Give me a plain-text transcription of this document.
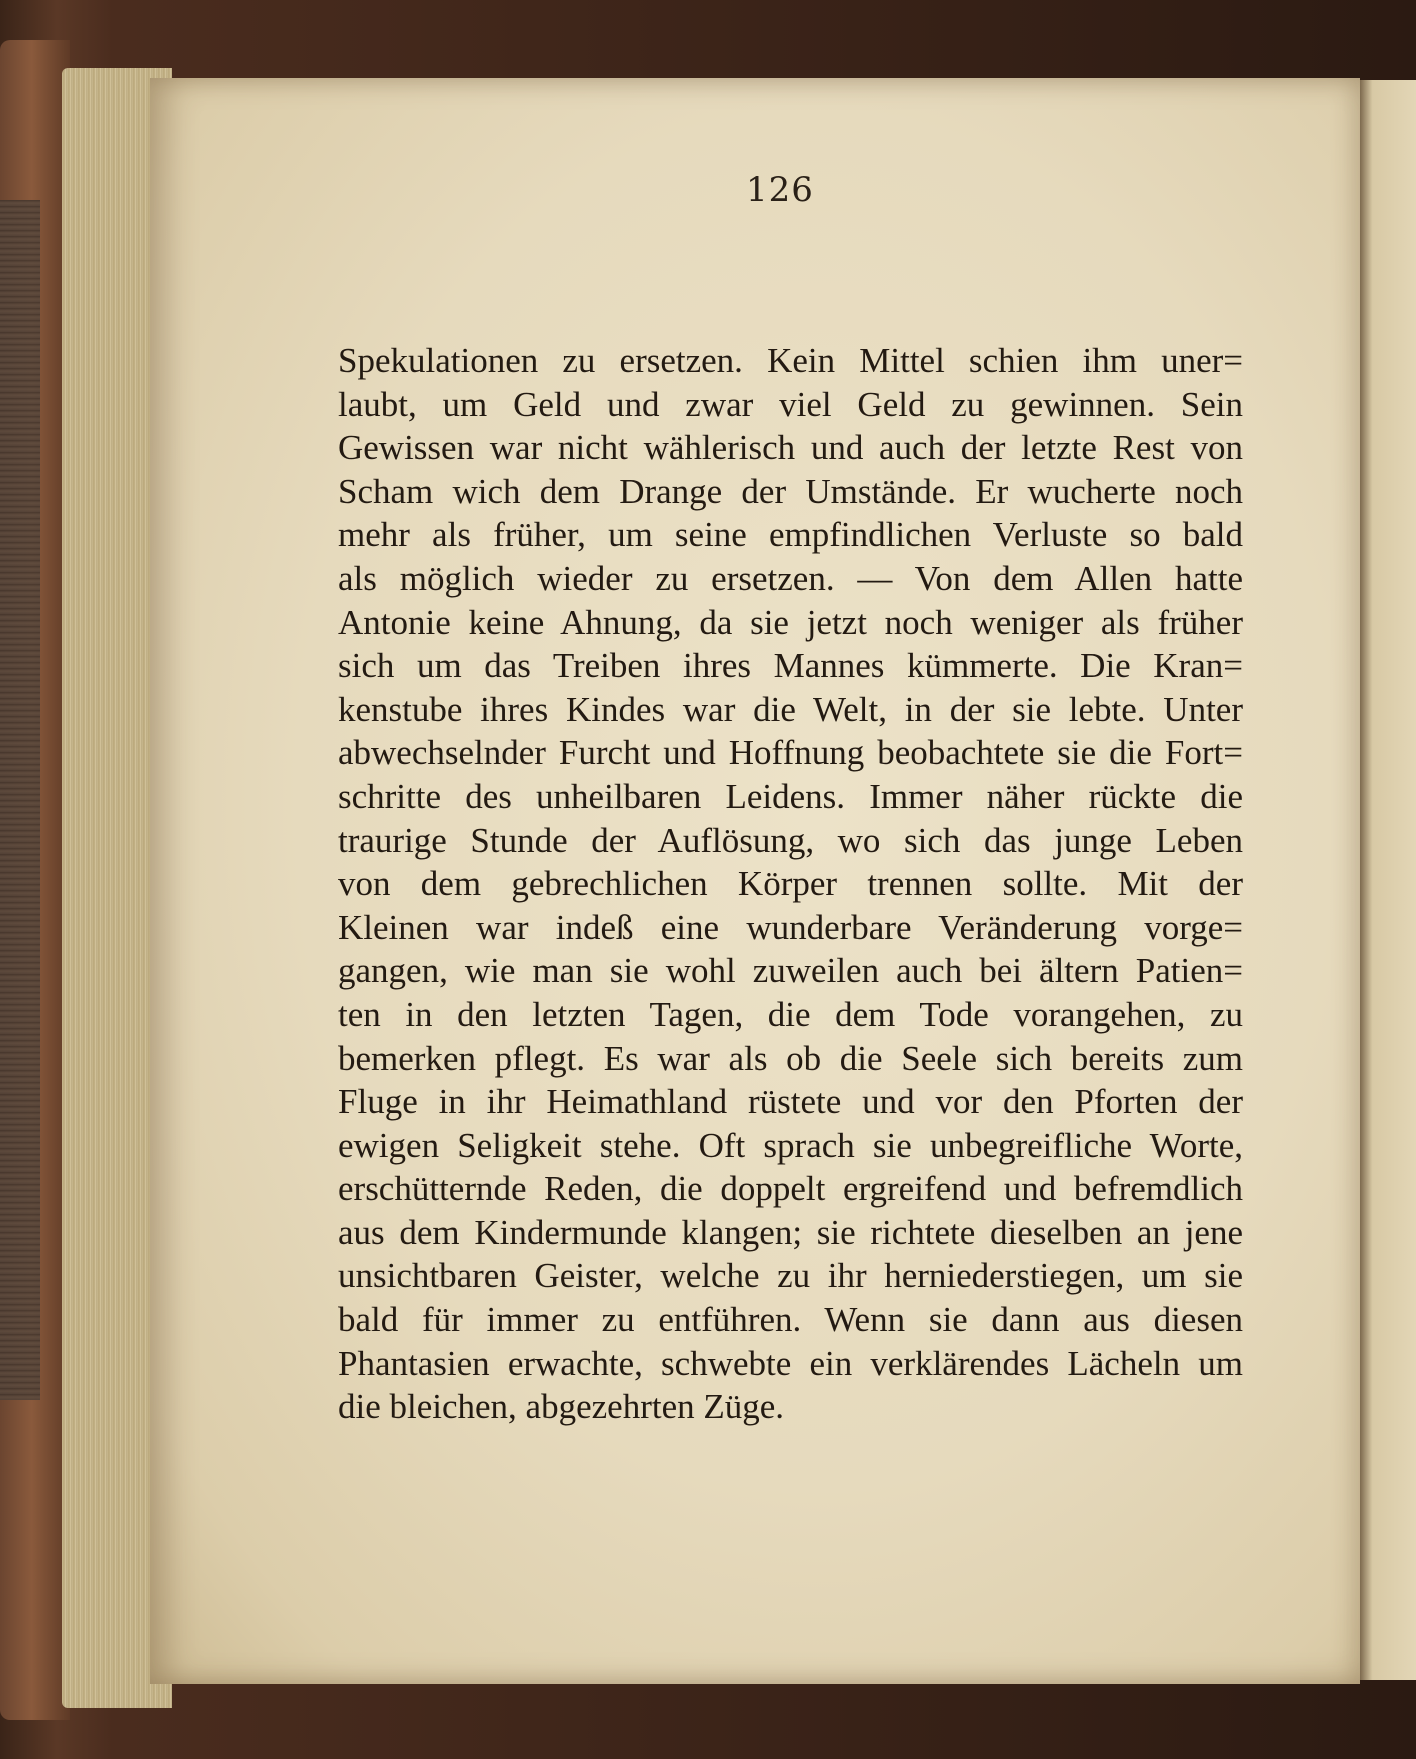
126

Spekulationen zu ersetzen. Kein Mittel schien ihm uner=
laubt, um Geld und zwar viel Geld zu gewinnen. Sein
Gewissen war nicht wählerisch und auch der letzte Rest von
Scham wich dem Drange der Umstände. Er wucherte noch
mehr als früher, um seine empfindlichen Verluste so bald
als möglich wieder zu ersetzen. — Von dem Allen hatte
Antonie keine Ahnung, da sie jetzt noch weniger als früher
sich um das Treiben ihres Mannes kümmerte. Die Kran=
kenstube ihres Kindes war die Welt, in der sie lebte. Unter
abwechselnder Furcht und Hoffnung beobachtete sie die Fort=
schritte des unheilbaren Leidens. Immer näher rückte die
traurige Stunde der Auflösung, wo sich das junge Leben
von dem gebrechlichen Körper trennen sollte. Mit der
Kleinen war indeß eine wunderbare Veränderung vorge=
gangen, wie man sie wohl zuweilen auch bei ältern Patien=
ten in den letzten Tagen, die dem Tode vorangehen, zu
bemerken pflegt. Es war als ob die Seele sich bereits zum
Fluge in ihr Heimathland rüstete und vor den Pforten der
ewigen Seligkeit stehe. Oft sprach sie unbegreifliche Worte,
erschütternde Reden, die doppelt ergreifend und befremdlich
aus dem Kindermunde klangen; sie richtete dieselben an jene
unsichtbaren Geister, welche zu ihr herniederstiegen, um sie
bald für immer zu entführen. Wenn sie dann aus diesen
Phantasien erwachte, schwebte ein verklärendes Lächeln um
die bleichen, abgezehrten Züge.
